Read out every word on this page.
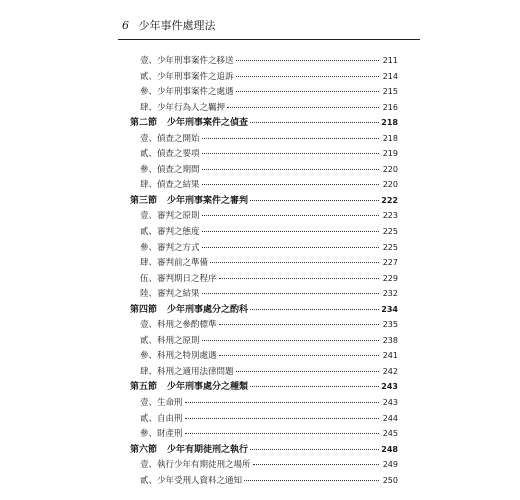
6 少年事件處理法
壹、 少年刑事案件之移送	211
貳、 少年刑事案件之追訴	214
參、 少年刑事案件之處遇	215
肆、 少年行為人之羈押	216
第二節 少年刑事案件之偵查	218
壹、 偵查之開始	218
貳、 偵查之要項	219
參、 偵查之期間	220
肆、 偵查之結果	220
第三節 少年刑事案件之審判	222
壹、 審判之原則	223
貳、 審判之態度	225
參、 審判之方式	225
肆、 審判前之準備	227
伍、 審判期日之程序	229
陸、 審判之結果	232
第四節 少年刑事處分之酌科	234
壹、 科刑之參酌標準	235
貳、 科刑之原則	238
參、 科刑之特別處遇	241
肆、 科刑之適用法律問題	242
第五節 少年刑事處分之種類	243
壹、 生命刑	243
貳、 自由刑	244
參、 財產刑	245
第六節 少年有期徒刑之執行	248
壹、 執行少年有期徒刑之場所	249
貳、 少年受刑人資料之通知	250
